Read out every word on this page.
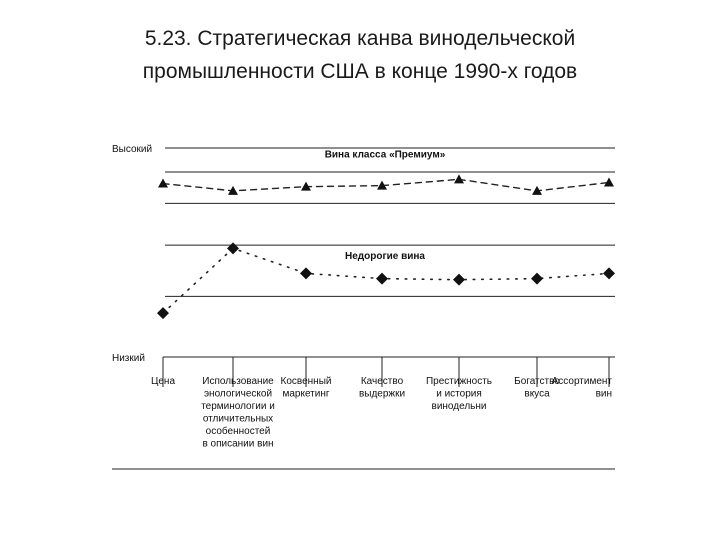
5.23. Стратегическая канва винодельческой
промышленности США в конце 1990-х годов
Высокий
Низкий
Вина класса «Премиум»
Недорогие вина
Цена	Использование
энологической
терминологии и
отличительных
особенностей
в описании вин
Косвенный
маркетинг
Качество
выдержки
Престижность
и история
винодельни
Богатство
вкуса
Ассортимент
вин
